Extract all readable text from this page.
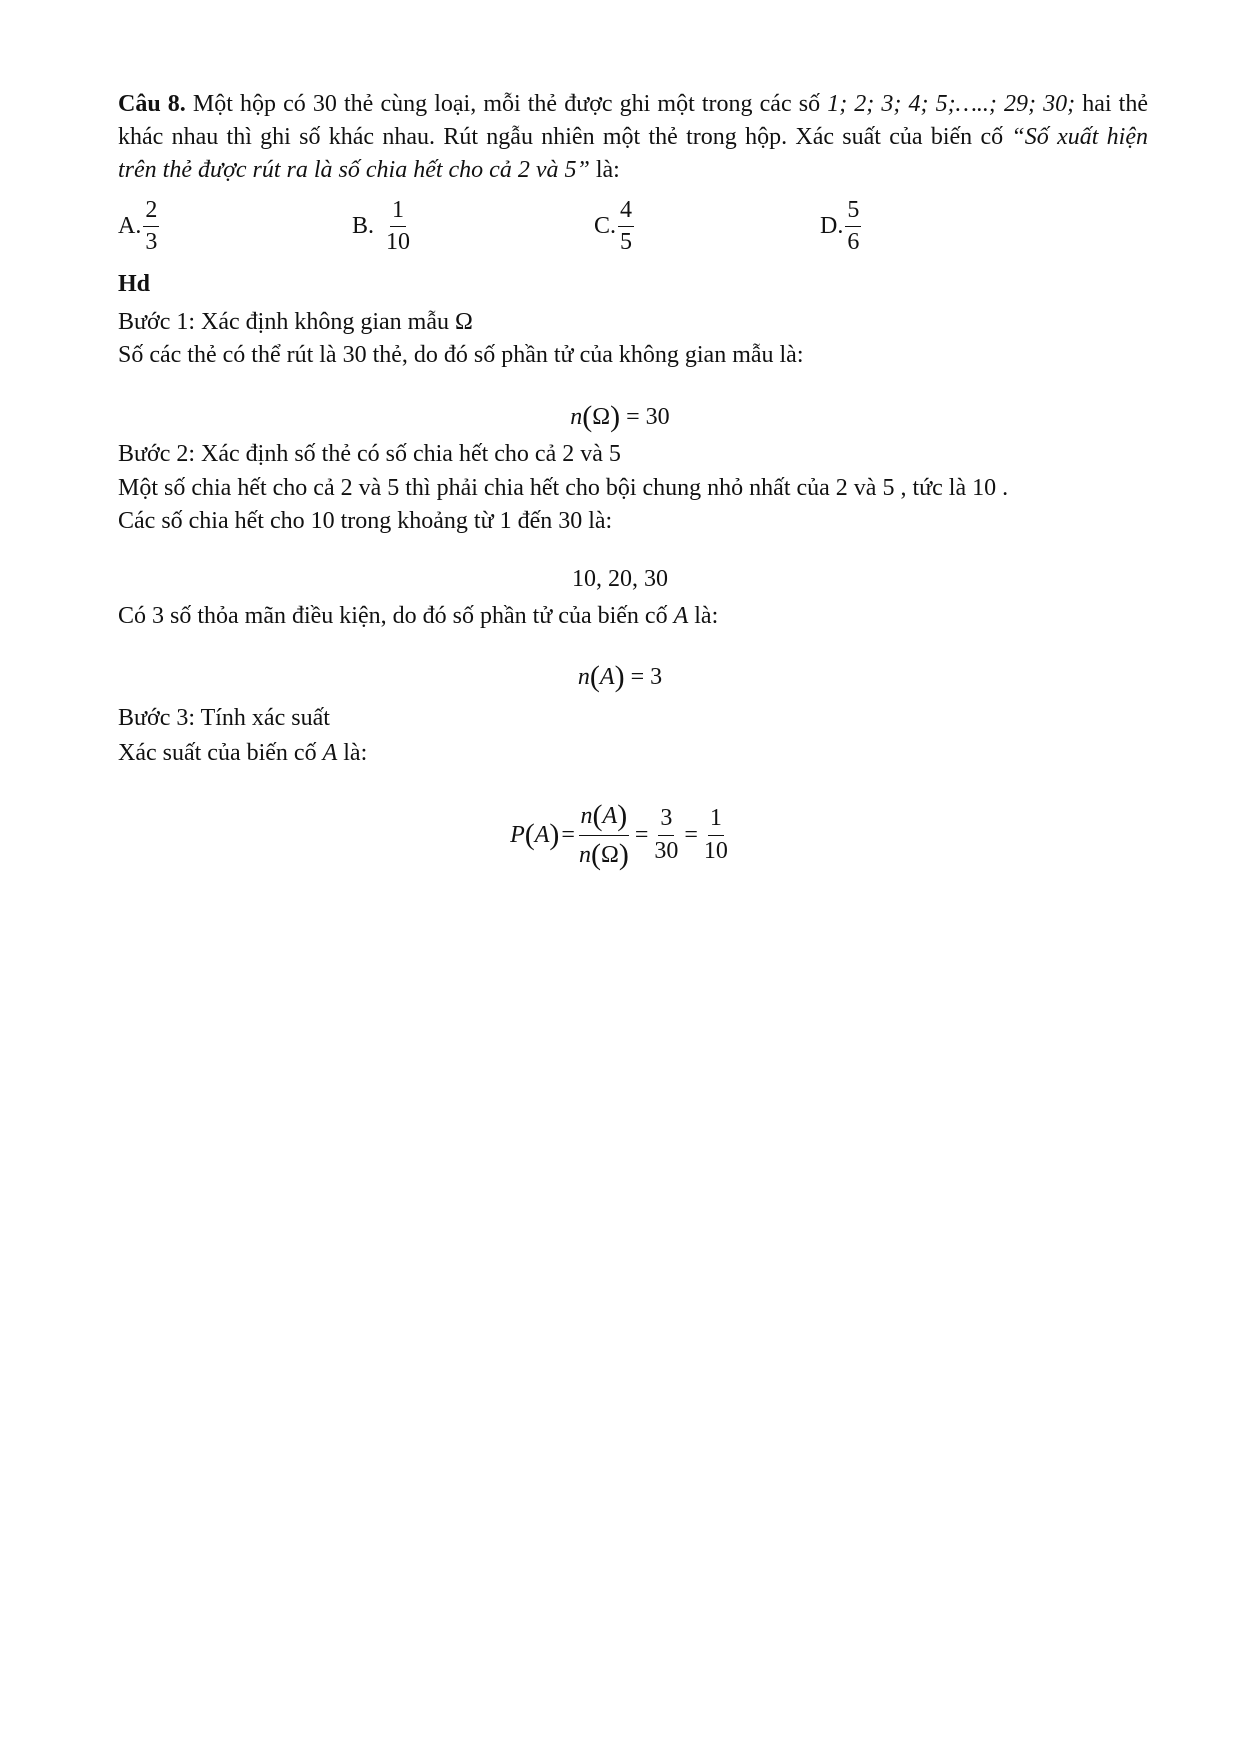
Câu 8. Một hộp có 30 thẻ cùng loại, mỗi thẻ được ghi một trong các số 1; 2; 3; 4; 5;…..; 29; 30; hai thẻ
khác nhau thì ghi số khác nhau. Rút ngẫu nhiên một thẻ trong hộp. Xác suất của biến cố “Số xuất hiện
trên thẻ được rút ra là số chia hết cho cả 2 và 5” là:
A. $\frac{2}{3}$	B. $\frac{1}{10}$	C. $\frac{4}{5}$	D. $\frac{5}{6}$
Hd
Bước 1: Xác định không gian mẫu Ω
Số các thẻ có thể rút là 30 thẻ, do đó số phần tử của không gian mẫu là:
n(Ω) = 30
Bước 2: Xác định số thẻ có số chia hết cho cả 2 và 5
Một số chia hết cho cả 2 và 5 thì phải chia hết cho bội chung nhỏ nhất của 2 và 5 , tức là 10 .
Các số chia hết cho 10 trong khoảng từ 1 đến 30 là:
10, 20, 30
Có 3 số thỏa mãn điều kiện, do đó số phần tử của biến cố A là:
n(A) = 3
Bước 3: Tính xác suất
Xác suất của biến cố A là:
P ( A ) = $\frac{n(A)}{n(\Omega)} = \frac{3}{30} = \frac{1}{10}$
